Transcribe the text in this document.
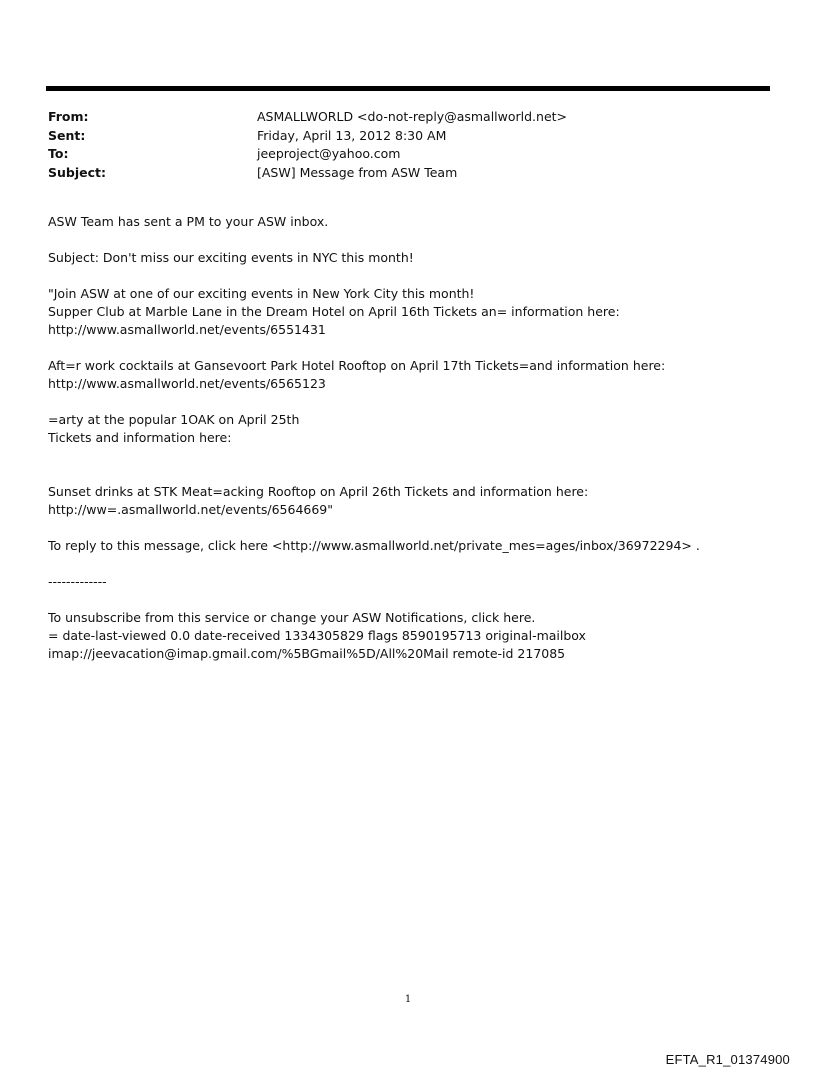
From:	ASMALLWORLD <do-not-reply@asmallworld.net>
Sent:	Friday, April 13, 2012 8:30 AM
To:	jeeproject@yahoo.com
Subject:	[ASW] Message from ASW Team
ASW Team has sent a PM to your ASW inbox.
Subject: Don't miss our exciting events in NYC this month!
"Join ASW at one of our exciting events in New York City this month!
Supper Club at Marble Lane in the Dream Hotel on April 16th Tickets an= information here:
http://www.asmallworld.net/events/6551431
Aft=r work cocktails at Gansevoort Park Hotel Rooftop on April 17th Tickets=and information here:
http://www.asmallworld.net/events/6565123
=arty at the popular 1OAK on April 25th
Tickets and information here:
Sunset drinks at STK Meat=acking Rooftop on April 26th Tickets and information here:
http://ww=.asmallworld.net/events/6564669"
To reply to this message, click here <http://www.asmallworld.net/private_mes=ages/inbox/36972294> .
-------------
To unsubscribe from this service or change your ASW Notifications, click here.
= date-last-viewed 0.0 date-received 1334305829 flags 8590195713 original-mailbox
imap://jeevacation@imap.gmail.com/%5BGmail%5D/All%20Mail remote-id 217085
1
EFTA_R1_01374900
